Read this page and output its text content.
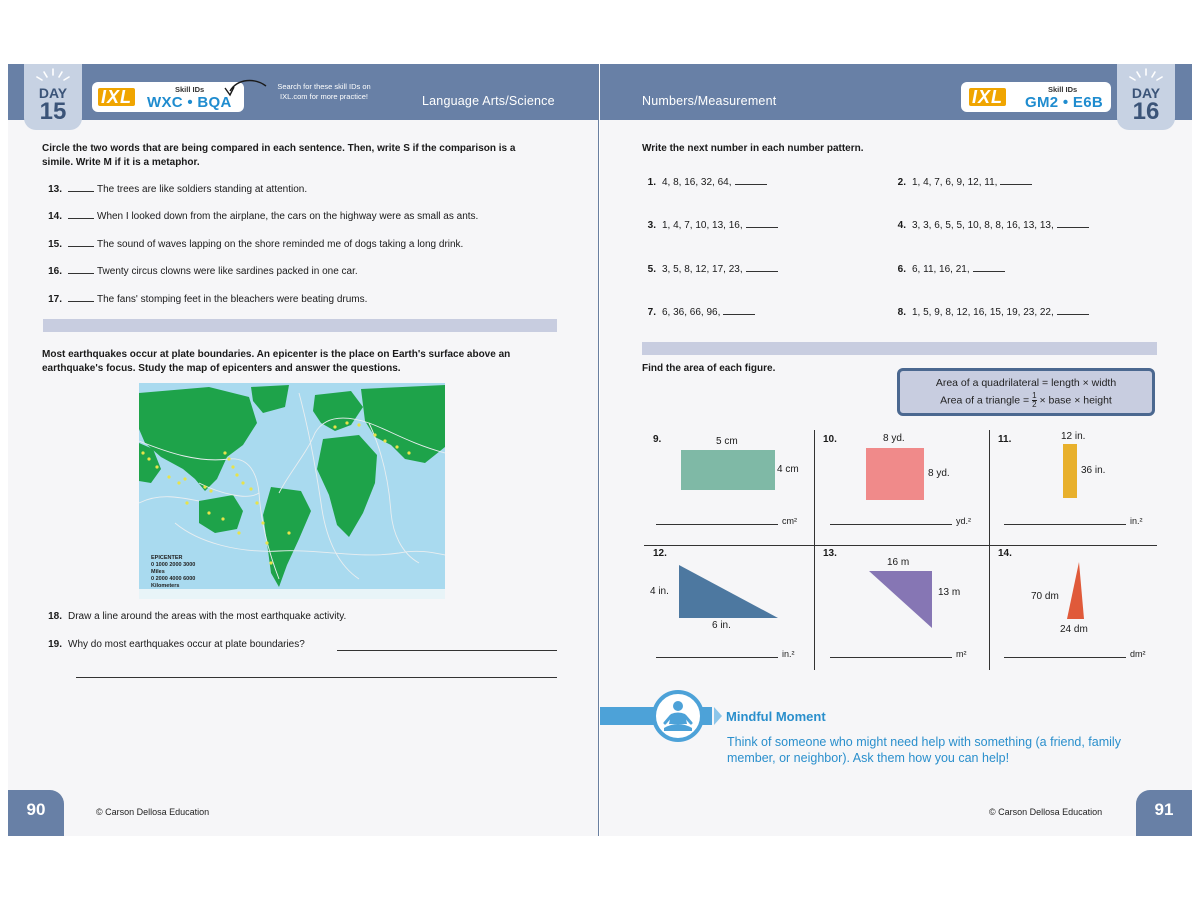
DAY
15
IXL	Skill IDs
WXC • BQA
Search for these skill IDs on IXL.com for more practice!	Language Arts/Science
Circle the two words that are being compared in each sentence. Then, write S if the comparison is a simile. Write M if it is a metaphor.
13.	The trees are like soldiers standing at attention.
14.	When I looked down from the airplane, the cars on the highway were as small as ants.
15.	The sound of waves lapping on the shore reminded me of dogs taking a long drink.
16.	Twenty circus clowns were like sardines packed in one car.
17.	The fans' stomping feet in the bleachers were beating drums.
Most earthquakes occur at plate boundaries. An epicenter is the place on Earth's surface above an earthquake's focus. Study the map of epicenters and answer the questions.
EPICENTER
0 1000 2000 3000
Miles
0 2000 4000 6000
Kilometers
18. Draw a line around the areas with the most earthquake activity.
19. Why do most earthquakes occur at plate boundaries?
90	© Carson Dellosa Education
Numbers/Measurement	IXL	Skill IDs
GM2 • E6B
DAY
16
Write the next number in each number pattern.
1. 4, 8, 16, 32, 64,	2. 1, 4, 7, 6, 9, 12, 11,
3. 1, 4, 7, 10, 13, 16,	4. 3, 3, 6, 5, 5, 10, 8, 8, 16, 13, 13,
5. 3, 5, 8, 12, 17, 23,	6. 6, 11, 16, 21,
7. 6, 36, 66, 96,	8. 1, 5, 9, 8, 12, 16, 15, 19, 23, 22,
Find the area of each figure.
Area of a quadrilateral = length × width
Area of a triangle = $\frac{1}{2}$ × base × height
9.	5 cm
4 cm
cm²
10.	8 yd.
8 yd.
yd.²
11.	12 in.
36 in.
in.²
12.
4 in.
6 in.
in.²
13.
16 m
13 m
m²
14.
70 dm
24 dm
dm²
Mindful Moment
Think of someone who might need help with something (a friend, family member, or neighbor). Ask them how you can help!
© Carson Dellosa Education	91
